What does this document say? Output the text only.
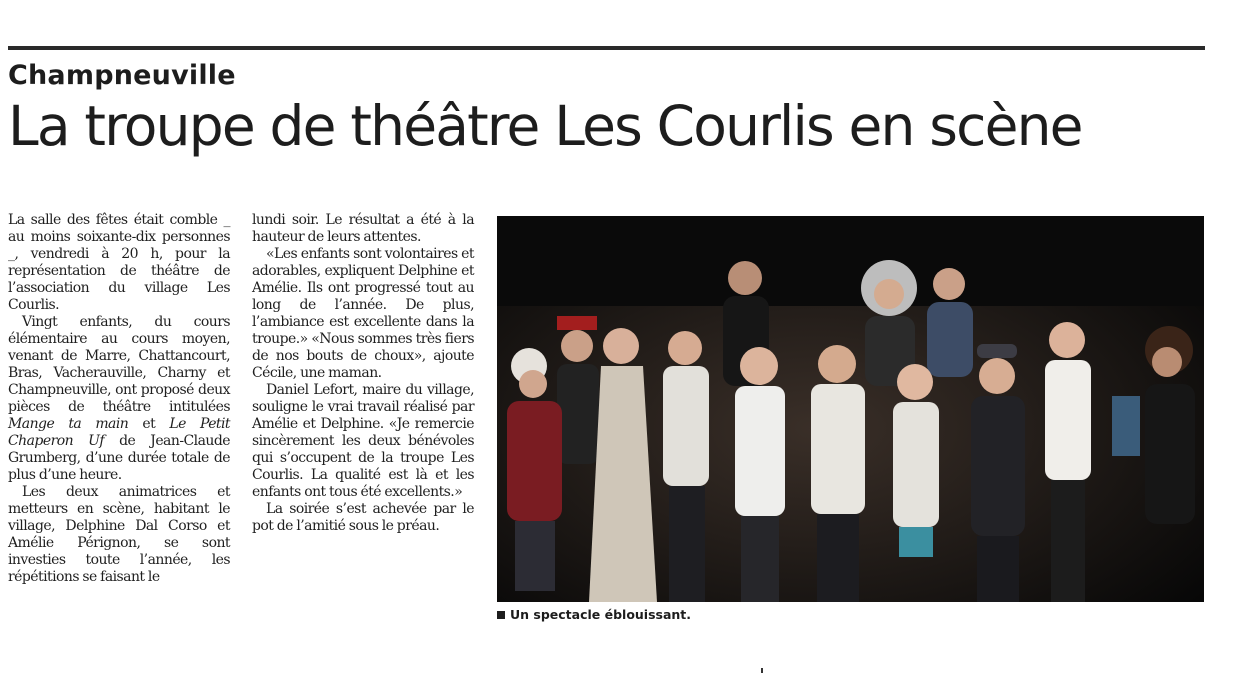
Champneuville
La troupe de théâtre Les Courlis en scène

La salle des fêtes était comble _ au moins soixante-dix personnes _, vendredi à 20 h, pour la représentation de théâtre de l’association du village Les Courlis.

Vingt enfants, du cours élémentaire au cours moyen, venant de Marre, Chattancourt, Bras, Vacherauville, Charny et Champneuville, ont proposé deux pièces de théâtre intitulées Mange ta main et Le Petit Chaperon Uf de Jean-Claude Grumberg, d’une durée totale de plus d’une heure.

Les deux animatrices et metteurs en scène, habitant le village, Delphine Dal Corso et Amélie Pérignon, se sont investies toute l’année, les répétitions se faisant le

lundi soir. Le résultat a été à la hauteur de leurs attentes.

«Les enfants sont volontaires et adorables, expliquent Delphine et Amélie. Ils ont progressé tout au long de l’année. De plus, l’ambiance est excellente dans la troupe.» «Nous sommes très fiers de nos bouts de choux», ajoute Cécile, une maman.

Daniel Lefort, maire du village, souligne le vrai travail réalisé par Amélie et Delphine. «Je remercie sincèrement les deux bénévoles qui s’occupent de la troupe Les Courlis. La qualité est là et les enfants ont tous été excellents.»

La soirée s’est achevée par le pot de l’amitié sous le préau.

Un spectacle éblouissant.
